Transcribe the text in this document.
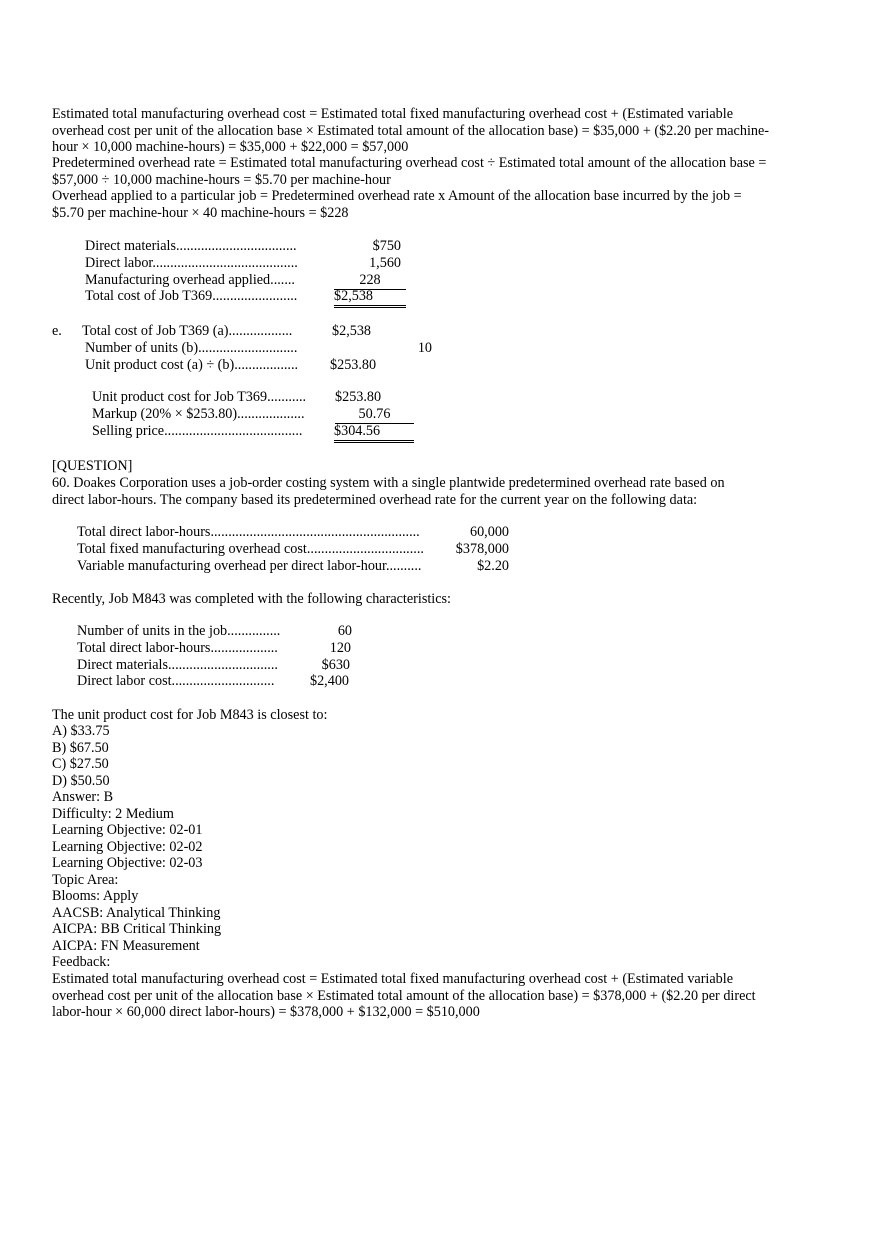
Estimated total manufacturing overhead cost = Estimated total fixed manufacturing overhead cost + (Estimated variable overhead cost per unit of the allocation base × Estimated total amount of the allocation base) = $35,000 + ($2.20 per machine-hour × 10,000 machine-hours) = $35,000 + $22,000 = $57,000
Predetermined overhead rate = Estimated total manufacturing overhead cost ÷ Estimated total amount of the allocation base = $57,000 ÷ 10,000 machine-hours = $5.70 per machine-hour
Overhead applied to a particular job = Predetermined overhead rate x Amount of the allocation base incurred by the job = $5.70 per machine-hour × 40 machine-hours = $228
Direct materials..................................	$750
Direct labor.........................................	1,560
Manufacturing overhead applied.......	228
Total cost of Job T369........................	$2,538
e. Total cost of Job T369 (a)..................	$2,538
Number of units (b)............................	10
Unit product cost (a) ÷ (b).................. $253.80
Unit product cost for Job T369........... $253.80
Markup (20% × $253.80)...................	50.76
Selling price....................................... $304.56
[QUESTION]
60. Doakes Corporation uses a job-order costing system with a single plantwide predetermined overhead rate based on direct labor-hours. The company based its predetermined overhead rate for the current year on the following data:
Total direct labor-hours...........................................................	60,000
Total fixed manufacturing overhead cost.................................	$378,000
Variable manufacturing overhead per direct labor-hour..........	$2.20
Recently, Job M843 was completed with the following characteristics:
Number of units in the job...............	60
Total direct labor-hours...................	120
Direct materials...............................	$630
Direct labor cost.............................	$2,400
The unit product cost for Job M843 is closest to:
A) $33.75
B) $67.50
C) $27.50
D) $50.50
Answer: B
Difficulty: 2 Medium
Learning Objective: 02-01
Learning Objective: 02-02
Learning Objective: 02-03
Topic Area:
Blooms: Apply
AACSB: Analytical Thinking
AICPA: BB Critical Thinking
AICPA: FN Measurement
Feedback:
Estimated total manufacturing overhead cost = Estimated total fixed manufacturing overhead cost + (Estimated variable overhead cost per unit of the allocation base × Estimated total amount of the allocation base) = $378,000 + ($2.20 per direct labor-hour × 60,000 direct labor-hours) = $378,000 + $132,000 = $510,000
